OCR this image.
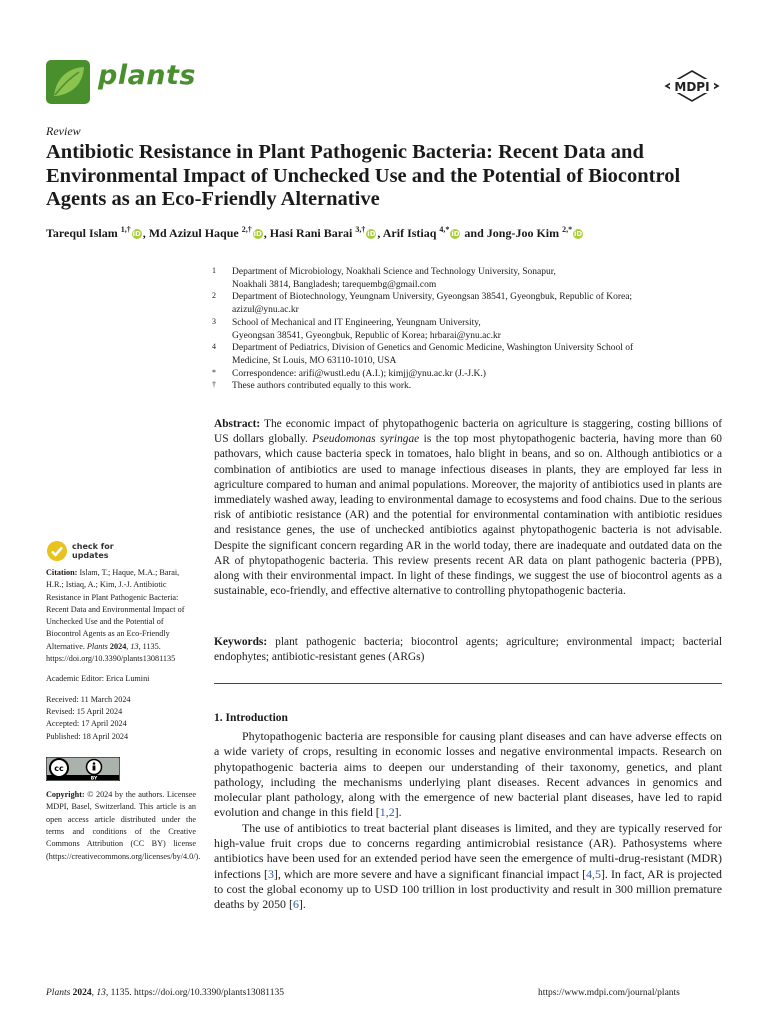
plants	MDPI
Review
Antibiotic Resistance in Plant Pathogenic Bacteria: Recent Data and Environmental Impact of Unchecked Use and the Potential of Biocontrol Agents as an Eco-Friendly Alternative
Tarequl Islam $^{1,\dagger}$ iD , Md Azizul Haque $^{2,\dagger}$ iD , Hasi Rani Barai $^{3,\dagger}$ iD , Arif Istiaq $^{4,*}$ iD and Jong-Joo Kim $^{2,*}$ iD
1 Department of Microbiology, Noakhali Science and Technology University, Sonapur,
Noakhali 3814, Bangladesh; tarequembg@gmail.com
2 Department of Biotechnology, Yeungnam University, Gyeongsan 38541, Gyeongbuk, Republic of Korea;
azizul@ynu.ac.kr
3 School of Mechanical and IT Engineering, Yeungnam University,
Gyeongsan 38541, Gyeongbuk, Republic of Korea; hrbarai@ynu.ac.kr
4 Department of Pediatrics, Division of Genetics and Genomic Medicine, Washington University School of
Medicine, St Louis, MO 63110-1010, USA
* Correspondence: arifi@wustl.edu (A.I.); kimjj@ynu.ac.kr (J.-J.K.)
† These authors contributed equally to this work.
Abstract: The economic impact of phytopathogenic bacteria on agriculture is staggering, costing billions of US dollars globally. Pseudomonas syringae is the top most phytopathogenic bacteria, having more than 60 pathovars, which cause bacteria speck in tomatoes, halo blight in beans, and so on. Although antibiotics or a combination of antibiotics are used to manage infectious diseases in plants, they are employed far less in agriculture compared to human and animal populations. Moreover, the majority of antibiotics used in plants are immediately washed away, leading to environmental damage to ecosystems and food chains. Due to the serious risk of antibiotic resistance (AR) and the potential for environmental contamination with antibiotic residues and resistance genes, the use of unchecked antibiotics against phytopathogenic bacteria is not advisable. Despite the significant concern regarding AR in the world today, there are inadequate and outdated data on the AR of phytopathogenic bacteria. This review presents recent AR data on plant pathogenic bacteria (PPB), along with their environmental impact. In light of these findings, we suggest the use of biocontrol agents as a sustainable, eco-friendly, and effective alternative to controlling phytopathogenic bacteria.
Keywords: plant pathogenic bacteria; biocontrol agents; agriculture; environmental impact; bacterial endophytes; antibiotic-resistant genes (ARGs)
check for
updates

Citation: Islam, T.; Haque, M.A.; Barai, H.R.; Istiaq, A.; Kim, J.-J. Antibiotic Resistance in Plant Pathogenic Bacteria: Recent Data and Environmental Impact of Unchecked Use and the Potential of Biocontrol Agents as an Eco-Friendly Alternative. Plants 2024, 13, 1135. https://doi.org/10.3390/plants13081135

Academic Editor: Erica Lumini

Received: 11 March 2024

Revised: 15 April 2024

Accepted: 17 April 2024

Published: 18 April 2024

cc
BY

Copyright: © 2024 by the authors. Licensee MDPI, Basel, Switzerland. This article is an open access article distributed under the terms and conditions of the Creative Commons Attribution (CC BY) license (https://creativecommons.org/licenses/by/4.0/).

1. Introduction

Phytopathogenic bacteria are responsible for causing plant diseases and can have adverse effects on a wide variety of crops, resulting in economic losses and negative environmental impacts. Research on phytopathogenic bacteria aims to deepen our understanding of their taxonomy, genetics, and plant pathology, including the mechanisms underlying plant diseases. Recent advances in genomics and molecular plant pathology, along with the emergence of new bacterial plant diseases, have led to rapid evolution and change in this field [1,2].

The use of antibiotics to treat bacterial plant diseases is limited, and they are typically reserved for high-value fruit crops due to concerns regarding antimicrobial resistance (AR). Pathosystems where antibiotics have been used for an extended period have seen the emergence of multi-drug-resistant (MDR) infections [3], which are more severe and have a significant financial impact [4,5]. In fact, AR is projected to cost the global economy up to USD 100 trillion in lost productivity and result in 300 million premature deaths by 2050 [6].

Plants 2024, 13, 1135. https://doi.org/10.3390/plants13081135	https://www.mdpi.com/journal/plants
